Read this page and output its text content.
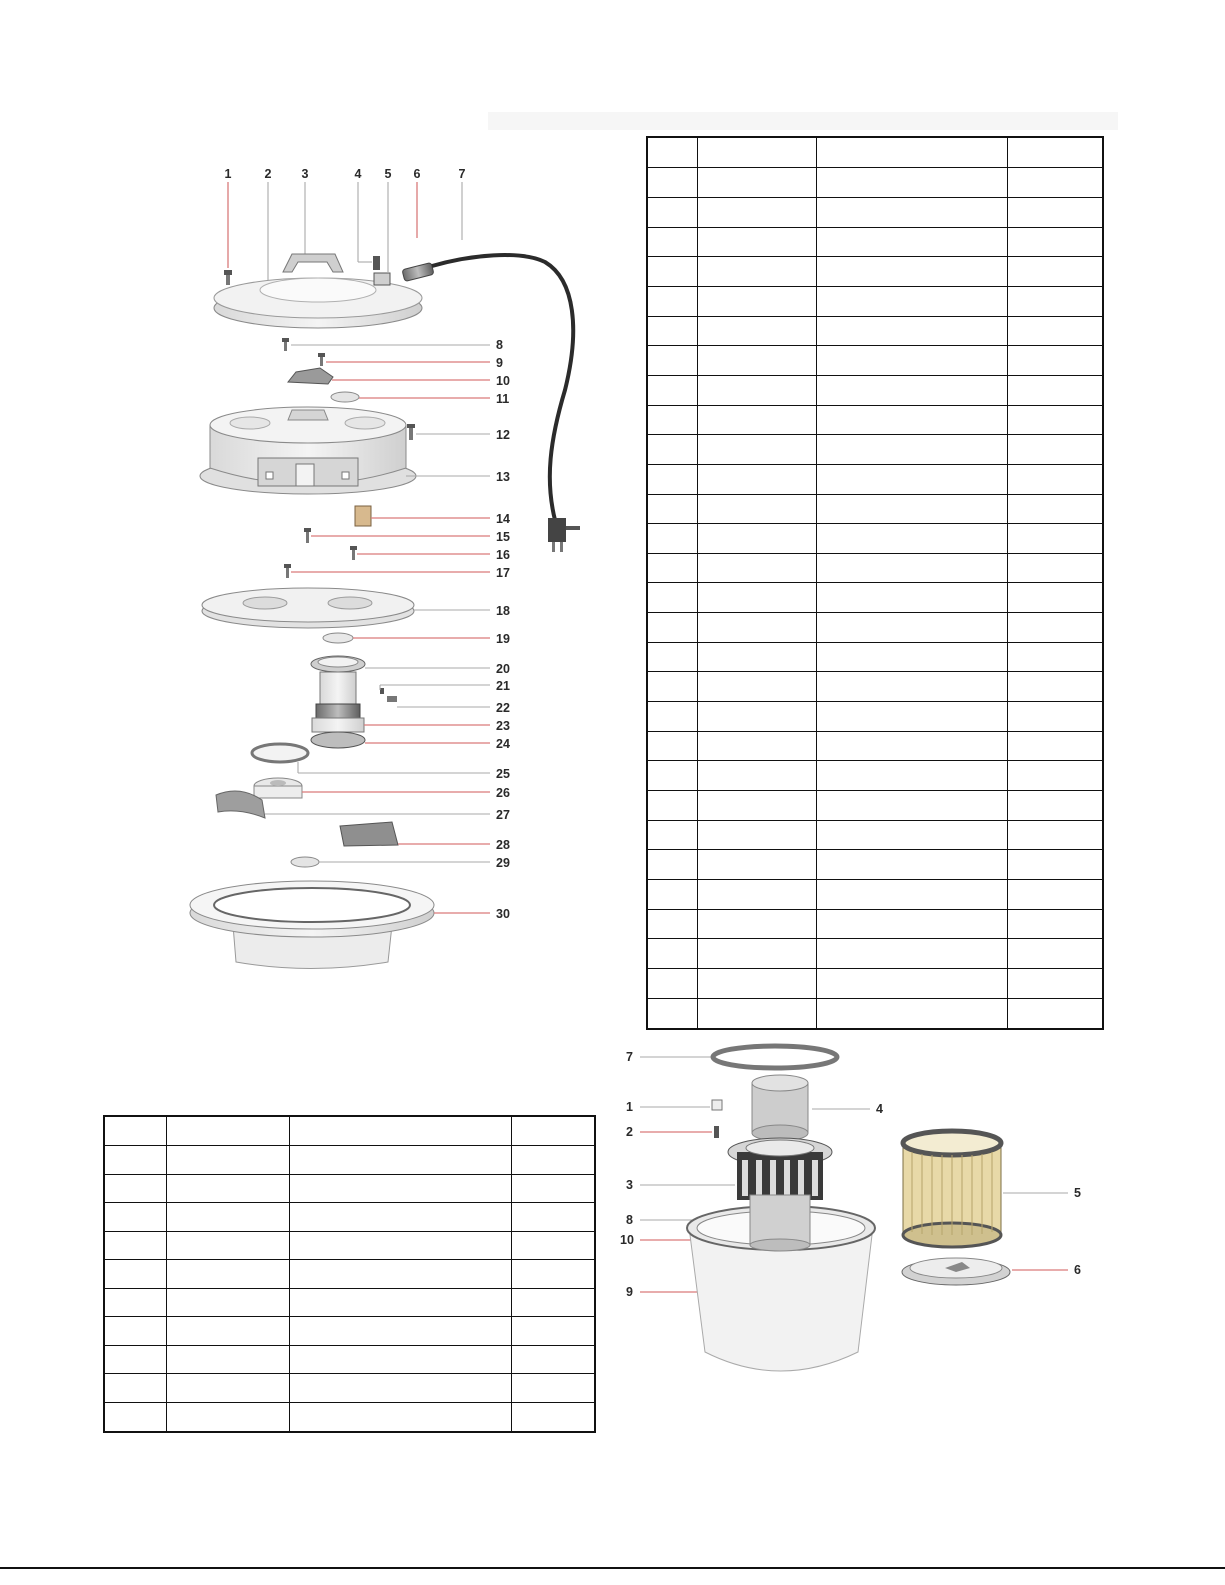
1	2 3	4 5 6	7
8
9
10
11
12
13
14
15
16
17
18
19
20
21
22
23
24
25
26
27
28
29
30
7
1
2
3
8
10
9
4
5
6
